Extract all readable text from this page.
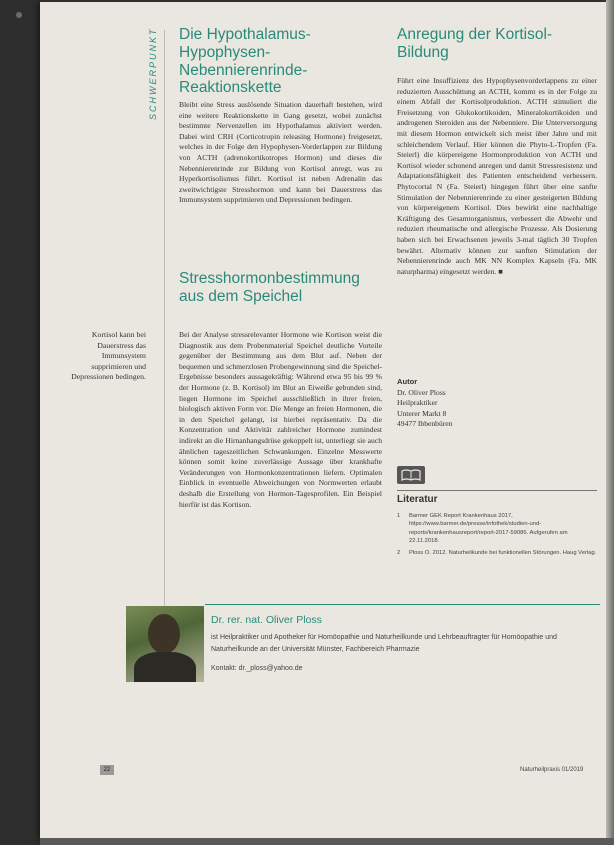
SCHWERPUNKT	Die Hypothalamus-Hypophysen-Nebennierenrinde-Reaktionskette
Bleibt eine Stress auslösende Situation dauerhaft bestehen, wird eine weitere Reaktionskette in Gang gesetzt, wobei zunächst bestimmte Nervenzellen im Hypothalamus aktiviert werden. Dabei wird CRH (Corticotropin releasing Hormone) freigesetzt, welches in der Folge den Hypophysen-Vorderlappen zur Bildung von ACTH (adrenokortikotropes Hormon) und dieses die Nebennierenrinde zur Bildung von Kortisol anregt, was zu Hyperkortisolismus führt. Kortisol ist neben Adrenalin das zweitwichtigste Stresshormon und kann bei Dauerstress das Immunsystem supprimieren und Depressionen bedingen.
Stresshormonbestimmung aus dem Speichel
Bei der Analyse stressrelevanter Hormone wie Kortison weist die Diagnostik aus dem Probenmaterial Speichel deutliche Vorteile gegenüber der Bestimmung aus dem Blut auf. Neben der bequemen und schmerzlosen Probengewinnung sind die Speichel-Ergebnisse besonders aussagekräftig: Während etwa 95 bis 99 % der Hormone (z. B. Kortisol) im Blut an Eiweiße gebunden sind, liegen Hormone im Speichel ausschließlich in ihrer freien, biologisch aktiven Form vor. Die Menge an freien Hormonen, die in den Speichel gelangt, ist hierbei repräsentativ. Da die Konzentration und Aktivität zahlreicher Hormone zumindest indirekt an die Hirnanhangsdrüse gekoppelt ist, unterliegt sie auch ähnlichen tageszeitlichen Schwankungen. Einzelne Messwerte können somit keine zuverlässige Aussage über krankhafte Veränderungen von Hormonkonzentrationen liefern. Optimalen Einblick in eventuelle Abweichungen von Normwerten erlaubt deshalb die Erstellung von Hormon-Tagesprofilen. Ein Beispiel hierfür ist das Kortison.
Kortisol kann bei Dauerstress das Immunsystem supprimieren und Depressionen bedingen.
Anregung der Kortisol-Bildung
Führt eine Insuffizienz des Hypophysenvorderlappens zu einer reduzierten Ausschüttung an ACTH, kommt es in der Folge zu einem Abfall der Kortisolproduktion. ACTH stimuliert die Freisetzung von Glukokortikoiden, Mineralokortikoiden und androgenen Steroiden aus der Nebenniere. Die Unterversorgung mit diesem Hormon entwickelt sich meist über Jahre und mit schleichendem Verlauf. Hier können die Phyto-L-Tropfen (Fa. Steierl) die körpereigene Hormonproduktion von ACTH und Kortisol wieder schonend anregen und damit Stressresistenz und Adaptationsfähigkeit des Patienten entscheidend verbessern. Phytocortal N (Fa. Steierl) hingegen führt über eine sanfte Stimulation der Nebennierenrinde zu einer gesteigerten Bildung von körpereigenem Kortisol. Dies bewirkt eine nachhaltige Kräftigung des Gesamtorganismus, verbessert die Abwehr und reduziert rheumatische und allergische Prozesse. Als Dosierung haben sich bei Erwachsenen jeweils 3-mal täglich 30 Tropfen bewährt. Alternativ können zur sanften Stimulation der Nebennierenrinde auch MK NN Komplex Kapseln (Fa. MK naturpharma) eingesetzt werden. ■
Autor
Dr. Oliver Ploss
Heilpraktiker
Unterer Markt 8
49477 Ibbenbüren
Literatur
1	Barmer GEK Report Krankenhaus 2017, https://www.barmer.de/presse/infothek/studien-und-reports/krankenhausreport/report-2017-59086. Aufgerufen am 22.11.2018.
2	Ploss O. 2012. Naturheilkunde bei funktionellen Störungen. Haug Verlag.
Dr. rer. nat. Oliver Ploss
ist Heilpraktiker und Apotheker für Homöopathie und Naturheilkunde und Lehrbeauftragter für Homöopathie und Naturheilkunde an der Universität Münster, Fachbereich Pharmazie
Kontakt: dr._ploss@yahoo.de
22	Naturheilpraxis 01/2019
